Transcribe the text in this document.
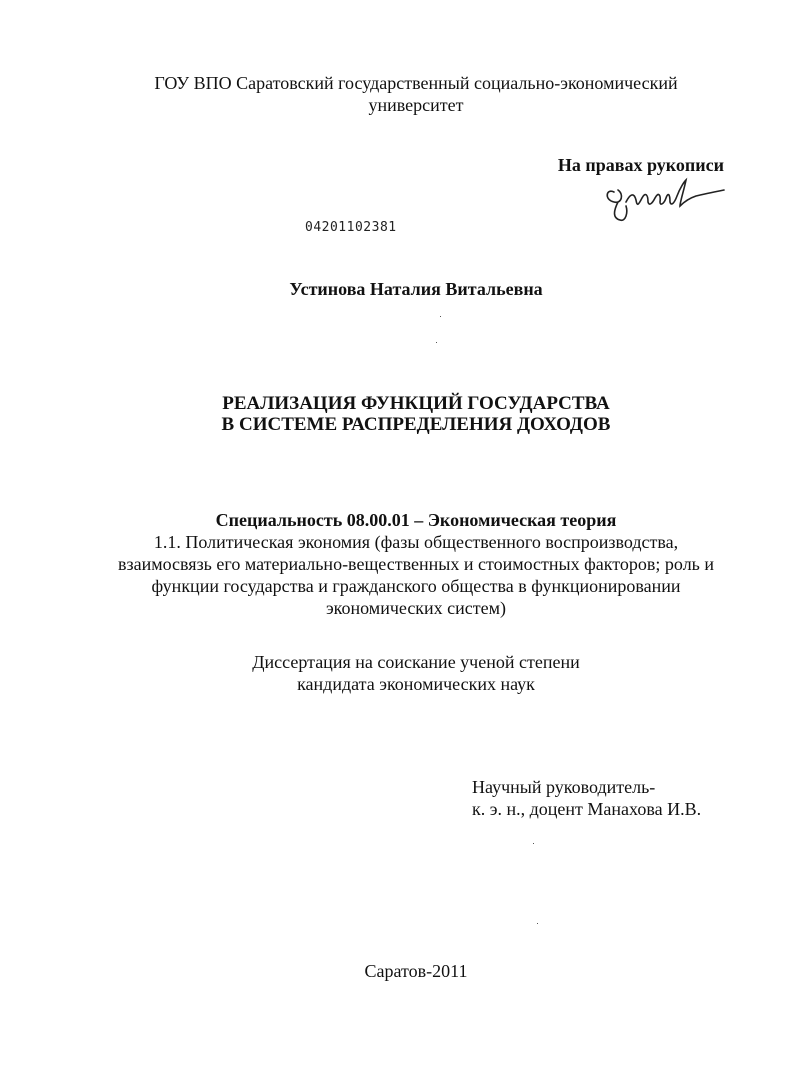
ГОУ ВПО Саратовский государственный социально-экономический
университет
На правах рукописи
04201102381
Устинова Наталия Витальевна
РЕАЛИЗАЦИЯ ФУНКЦИЙ ГОСУДАРСТВА
В СИСТЕМЕ РАСПРЕДЕЛЕНИЯ ДОХОДОВ
Специальность 08.00.01 – Экономическая теория
1.1. Политическая экономия (фазы общественного воспроизводства,
взаимосвязь его материально-вещественных и стоимостных факторов; роль и
функции государства и гражданского общества в функционировании
экономических систем)
Диссертация на соискание ученой степени
кандидата экономических наук
Научный руководитель-
к. э. н., доцент Манахова И.В.
Саратов-2011
